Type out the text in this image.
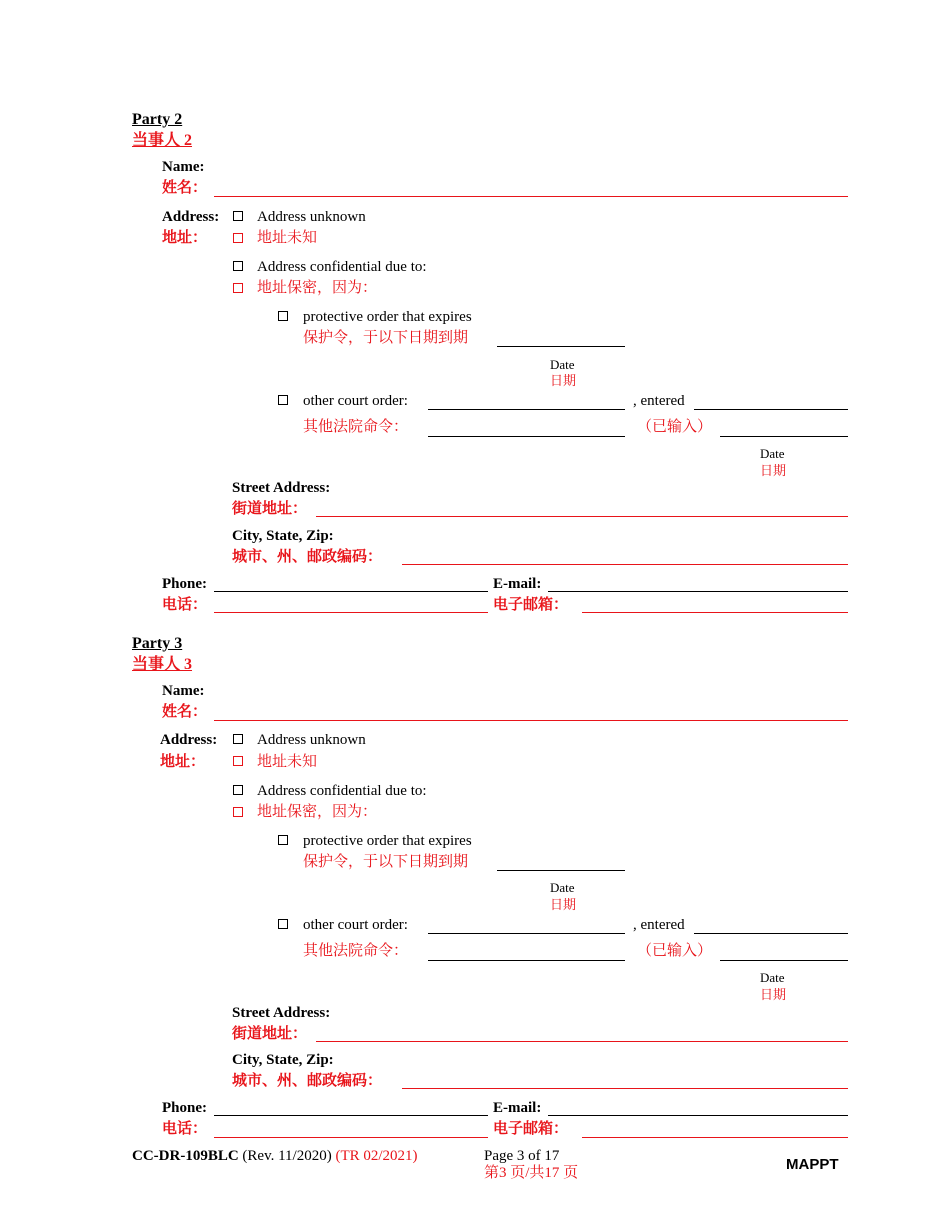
Party 2
当事人 2
Name:
姓名：
Address:
地址：
Address unknown
地址未知
Address confidential due to:
地址保密，因为：
protective order that expires
保护令，于以下日期到期
Date
日期
other court order:	, entered
其他法院命令：	（已输入）
Date
日期
Street Address:
街道地址：
City, State, Zip:
城市、州、邮政编码：
Phone:	E-mail:
电话：	电子邮箱：
Party 3
当事人 3
Name:
姓名：
Address:
地址：
Address unknown
地址未知
Address confidential due to:
地址保密，因为：
protective order that expires
保护令，于以下日期到期
Date
日期
other court order:	, entered
其他法院命令：	（已输入）
Date
日期
Street Address:
街道地址：
City, State, Zip:
城市、州、邮政编码：
Phone:	E-mail:
电话：	电子邮箱：
CC-DR-109BLC (Rev. 11/2020) (TR 02/2021)	Page 3 of 17
第3 页/共17 页	MAPPT
